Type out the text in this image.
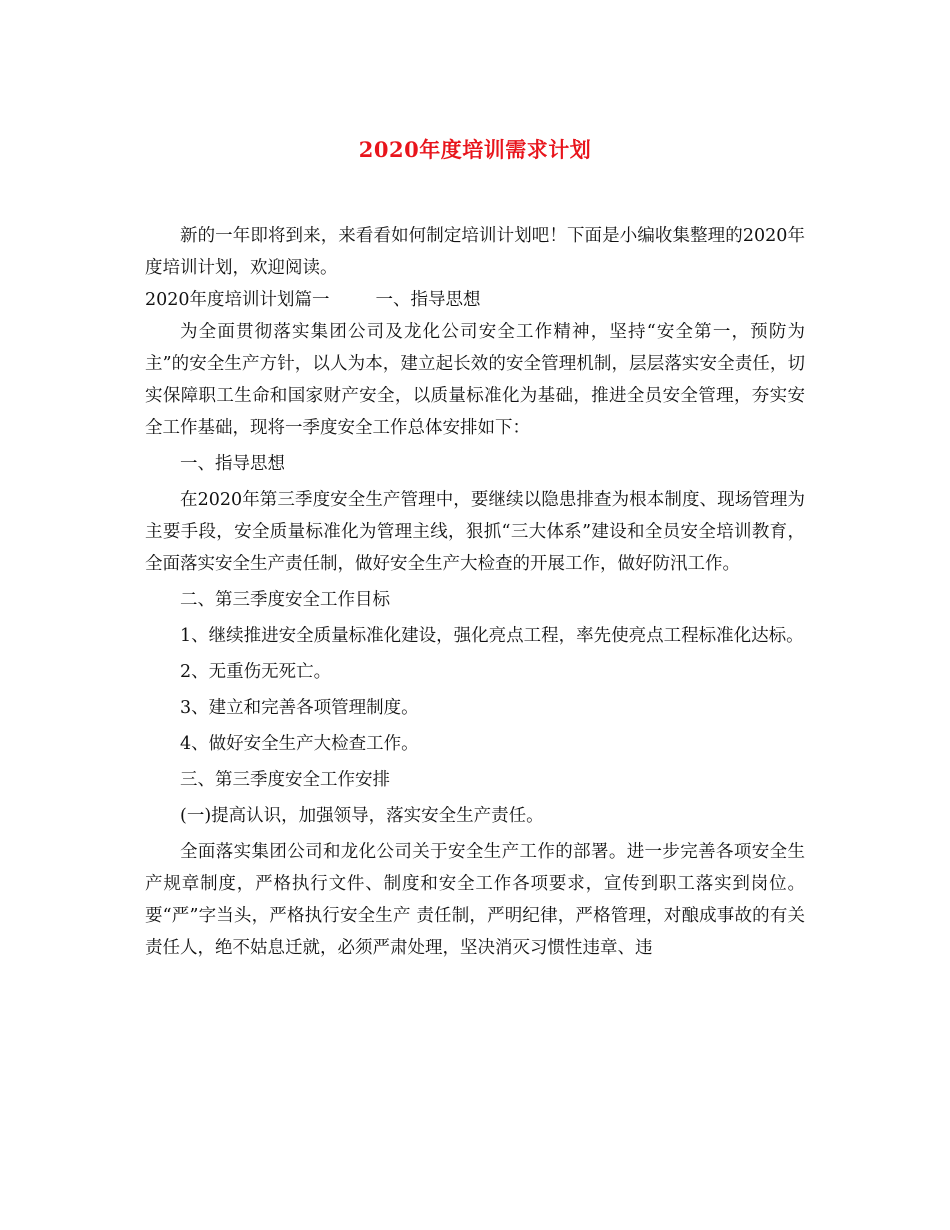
2020年度培训需求计划

新的一年即将到来，来看看如何制定培训计划吧！下面是小编收集整理的2020年度培训计划，欢迎阅读。

2020年度培训计划篇一	一、指导思想

为全面贯彻落实集团公司及龙化公司安全工作精神，坚持“安全第一，预防为主”的安全生产方针，以人为本，建立起长效的安全管理机制，层层落实安全责任，切实保障职工生命和国家财产安全，以质量标准化为基础，推进全员安全管理，夯实安全工作基础，现将一季度安全工作总体安排如下：

一、指导思想

在2020年第三季度安全生产管理中，要继续以隐患排查为根本制度、现场管理为主要手段，安全质量标准化为管理主线，狠抓“三大体系”建设和全员安全培训教育，全面落实安全生产责任制，做好安全生产大检查的开展工作，做好防汛工作。

二、第三季度安全工作目标

1、继续推进安全质量标准化建设，强化亮点工程，率先使亮点工程标准化达标。

2、无重伤无死亡。

3、建立和完善各项管理制度。

4、做好安全生产大检查工作。

三、第三季度安全工作安排

(一)提高认识，加强领导，落实安全生产责任。

全面落实集团公司和龙化公司关于安全生产工作的部署。进一步完善各项安全生产规章制度，严格执行文件、制度和安全工作各项要求，宣传到职工落实到岗位。要“严”字当头，严格执行安全生产 责任制，严明纪律，严格管理，对酿成事故的有关责任人，绝不姑息迁就，必须严肃处理，坚决消灭习惯性违章、违
